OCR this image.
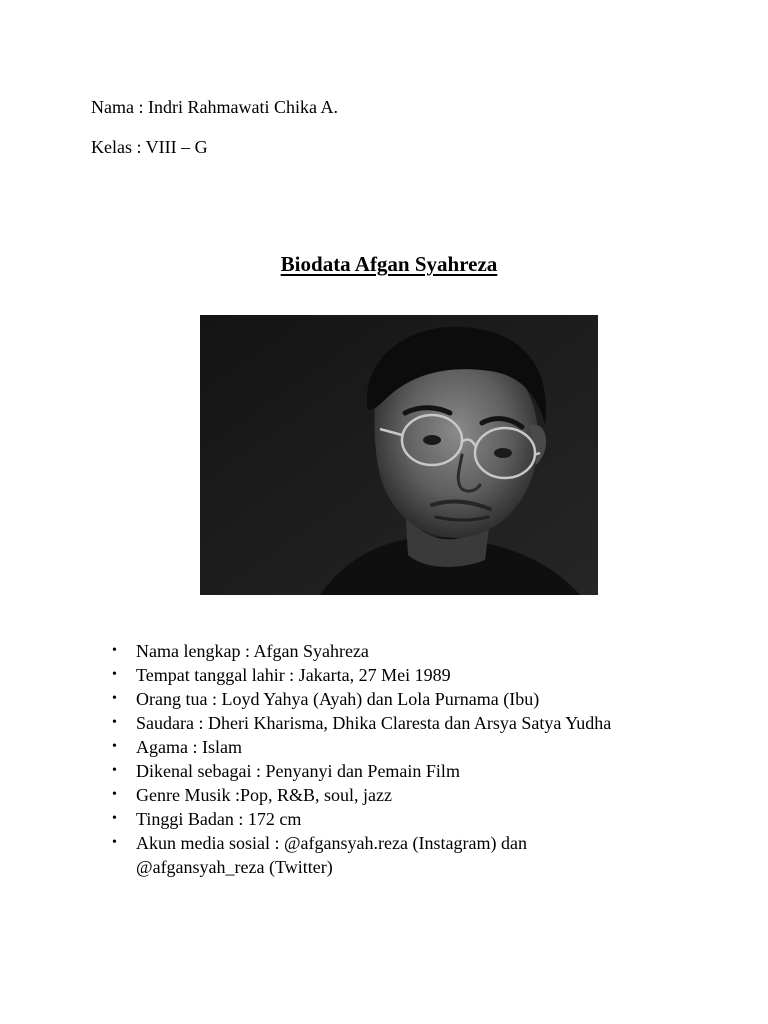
Nama : Indri Rahmawati Chika A.
Kelas : VIII – G
Biodata Afgan Syahreza
• Nama lengkap : Afgan Syahreza
• Tempat tanggal lahir : Jakarta, 27 Mei 1989
• Orang tua : Loyd Yahya (Ayah) dan Lola Purnama (Ibu)
• Saudara : Dheri Kharisma, Dhika Claresta dan Arsya Satya Yudha
• Agama : Islam
• Dikenal sebagai : Penyanyi dan Pemain Film
• Genre Musik :Pop, R&B, soul, jazz
• Tinggi Badan : 172 cm
• Akun media sosial : @afgansyah.reza (Instagram) dan
@afgansyah_reza (Twitter)
